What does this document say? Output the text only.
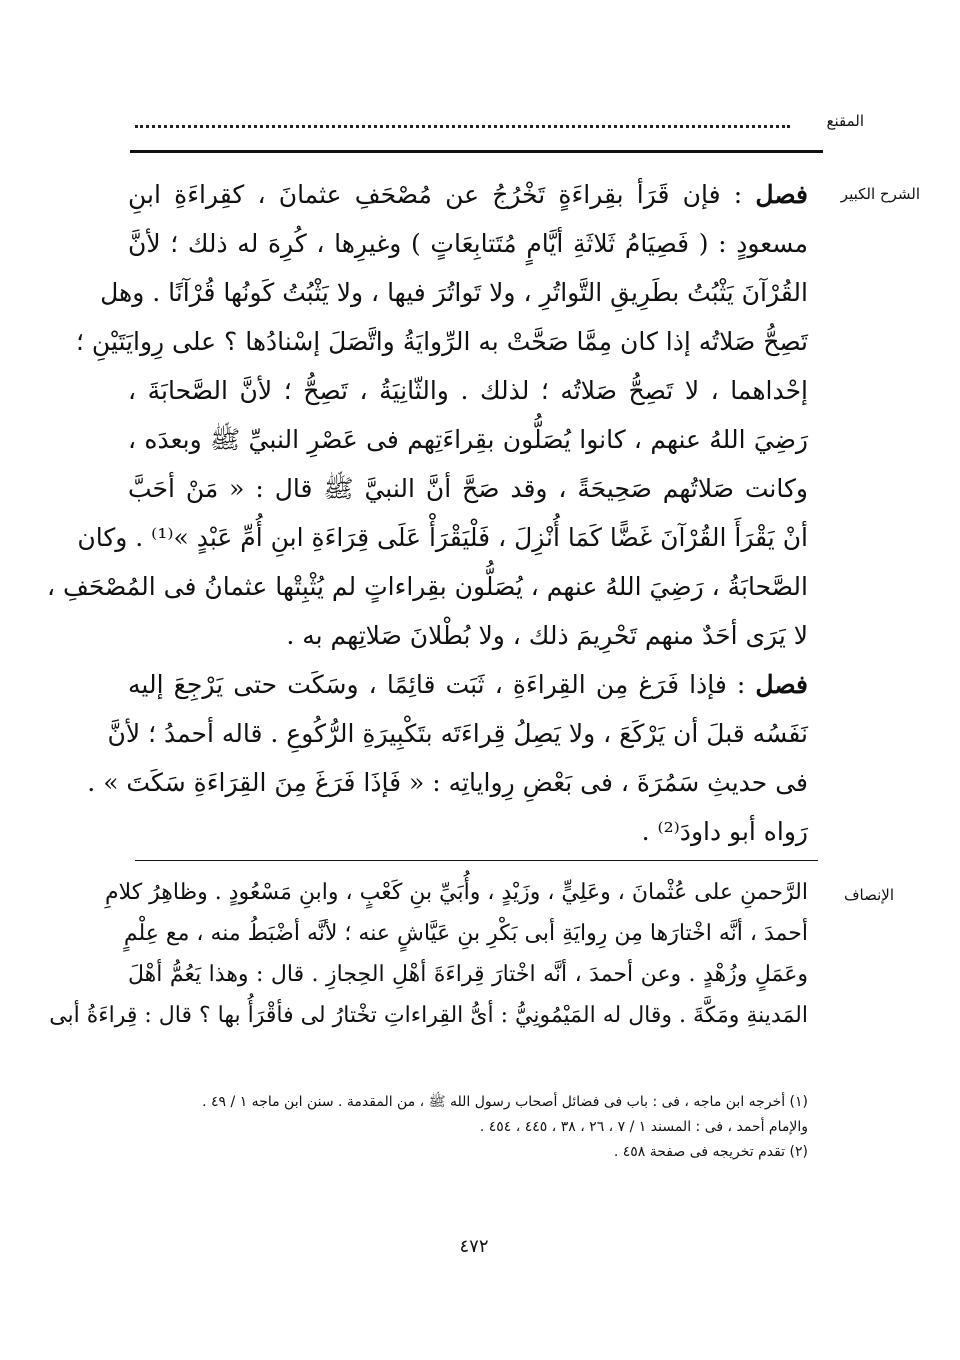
المقنع
الشرح الكبير
فصل : فإن قَرَأ بقِراءَةٍ تَخْرُجُ عن مُصْحَفِ عثمانَ ، كقِراءَةِ ابنِ
مسعودٍ : ( فَصِيَامُ ثَلاثَةِ أيَّامٍ مُتَتابِعَاتٍ ) وغيرِها ، كُرِهَ له ذلك ؛ لأنَّ
القُرْآنَ يَثْبُتُ بطَرِيقِ التَّواتُرِ ، ولا تَواتُرَ فيها ، ولا يَثْبُتُ كَونُها قُرْآنًا . وهل
تَصِحُّ صَلاتُه إذا كان مِمَّا صَحَّتْ به الرِّوايَةُ واتَّصَلَ إسْنادُها ؟ على رِوايَتَيْنِ ؛
إحْداهما ، لا تَصِحُّ صَلاتُه ؛ لذلك . والثّانِيَةُ ، تَصِحُّ ؛ لأنَّ الصَّحابَةَ ،
رَضِيَ اللهُ عنهم ، كانوا يُصَلُّون بقِراءَتِهم فى عَصْرِ النبيِّ ﷺ وبعدَه ،
وكانت صَلاتُهم صَحِيحَةً ، وقد صَحَّ أنَّ النبيَّ ﷺ قال : « مَنْ أحَبَّ
أنْ يَقْرَأَ القُرْآنَ غَضًّا كَمَا أُنْزِلَ ، فَلْيَقْرَأْ عَلَى قِرَاءَةِ ابنِ أُمِّ عَبْدٍ »⁽¹⁾ . وكان
الصَّحابَةُ ، رَضِيَ اللهُ عنهم ، يُصَلُّون بقِراءاتٍ لم يُثْبِتْها عثمانُ فى المُصْحَفِ ،
لا يَرَى أحَدٌ منهم تَحْرِيمَ ذلك ، ولا بُطْلانَ صَلاتِهم به .
فصل : فإذا فَرَغ مِن القِراءَةِ ، ثَبَت قائِمًا ، وسَكَت حتى يَرْجِعَ إليه
نَفَسُه قبلَ أن يَرْكَعَ ، ولا يَصِلُ قِراءَتَه بتَكْبِيرَةِ الرُّكُوعِ . قاله أحمدُ ؛ لأنَّ
فى حديثِ سَمُرَةَ ، فى بَعْضِ رِواياتِه : « فَإذَا فَرَغَ مِنَ القِرَاءَةِ سَكَتَ » .
رَواه أبو داودَ⁽²⁾ .
الإنصاف
الرَّحمنِ على عُثْمانَ ، وعَلِيٍّ ، وزَيْدٍ ، وأُبَيِّ بنِ كَعْبٍ ، وابنِ مَسْعُودٍ . وظاهِرُ كلامِ
أحمدَ ، أنَّه اخْتارَها مِن رِوايَةِ أبى بَكْرِ بنِ عَيَّاشٍ عنه ؛ لأنَّه أضْبَطُ منه ، مع عِلْمٍ
وعَمَلٍ وزُهْدٍ . وعن أحمدَ ، أنَّه اخْتارَ قِراءَةَ أهْلِ الحِجازِ . قال : وهذا يَعُمُّ أهْلَ
المَدينةِ ومَكَّةَ . وقال له المَيْمُونِيُّ : أىُّ القِراءاتِ تخْتارُ لى فأقْرَأُ بها ؟ قال : قِراءَةُ أبى
(١) أخرجه ابن ماجه ، فى : باب فى فضائل أصحاب رسول الله ﷺ ، من المقدمة . سنن ابن ماجه ١ / ٤٩ .
والإمام أحمد ، فى : المسند ١ / ٧ ، ٢٦ ، ٣٨ ، ٤٤٥ ، ٤٥٤ .
(٢) تقدم تخريجه فى صفحة ٤٥٨ .
٤٧٢
